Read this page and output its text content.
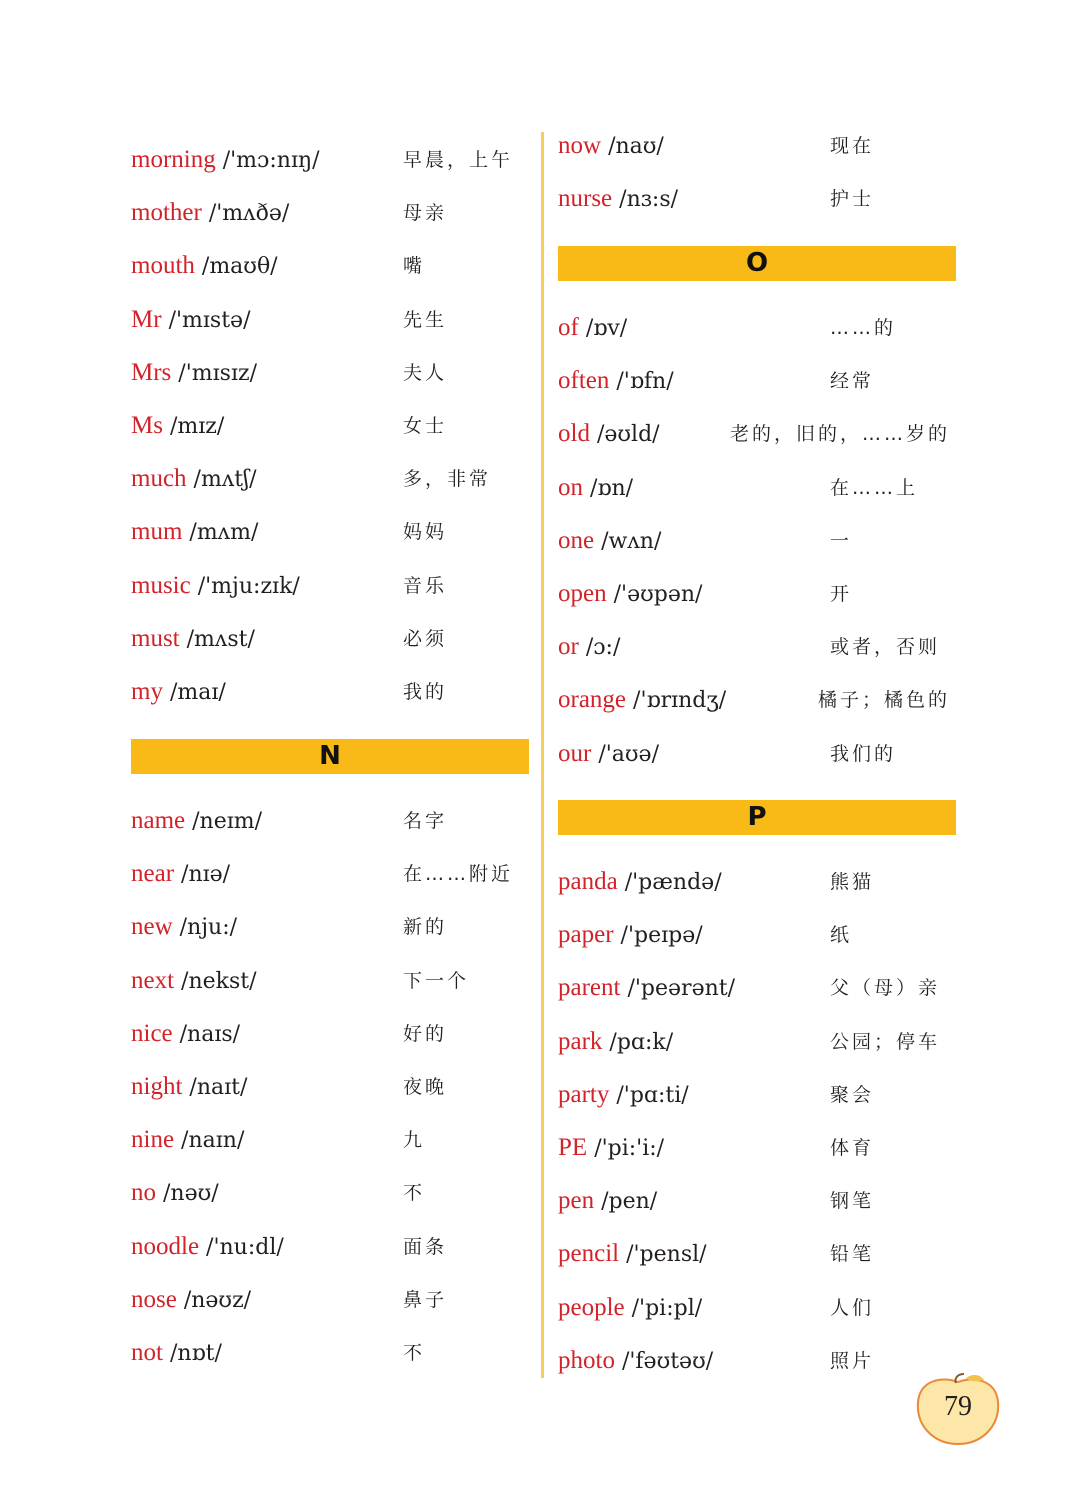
morning /'mɔ:nɪŋ/	早晨，上午
mother /'mʌðə/	母亲
mouth /maʊθ/	嘴
Mr /'mɪstə/	先生
Mrs /'mɪsɪz/	夫人
Ms /mɪz/	女士
much /mʌtʃ/	多，非常
mum /mʌm/	妈妈
music /'mju:zɪk/	音乐
must /mʌst/	必须
my /maɪ/	我的
N
name /neɪm/	名字
near /nɪə/	在……附近
new /nju:/	新的
next /nekst/	下一个
nice /naɪs/	好的
night /naɪt/	夜晚
nine /naɪn/	九
no /nəʊ/	不
noodle /'nu:dl/	面条
nose /nəʊz/	鼻子
not /nɒt/	不
now /naʊ/	现在
nurse /nɜ:s/	护士
O
of /ɒv/	……的
often /'ɒfn/	经常
old /əʊld/	老的，旧的，……岁的
on /ɒn/	在……上
one /wʌn/	一
open /'əʊpən/	开
or /ɔ:/	或者，否则
orange /'ɒrɪndʒ/	橘子；橘色的
our /'aʊə/	我们的
P
panda /'pændə/	熊猫
paper /'peɪpə/	纸
parent /'peərənt/	父（母）亲
park /pɑ:k/	公园；停车
party /'pɑ:ti/	聚会
PE /'pi:'i:/	体育
pen /pen/	钢笔
pencil /'pensl/	铅笔
people /'pi:pl/	人们
photo /'fəʊtəʊ/	照片
79
